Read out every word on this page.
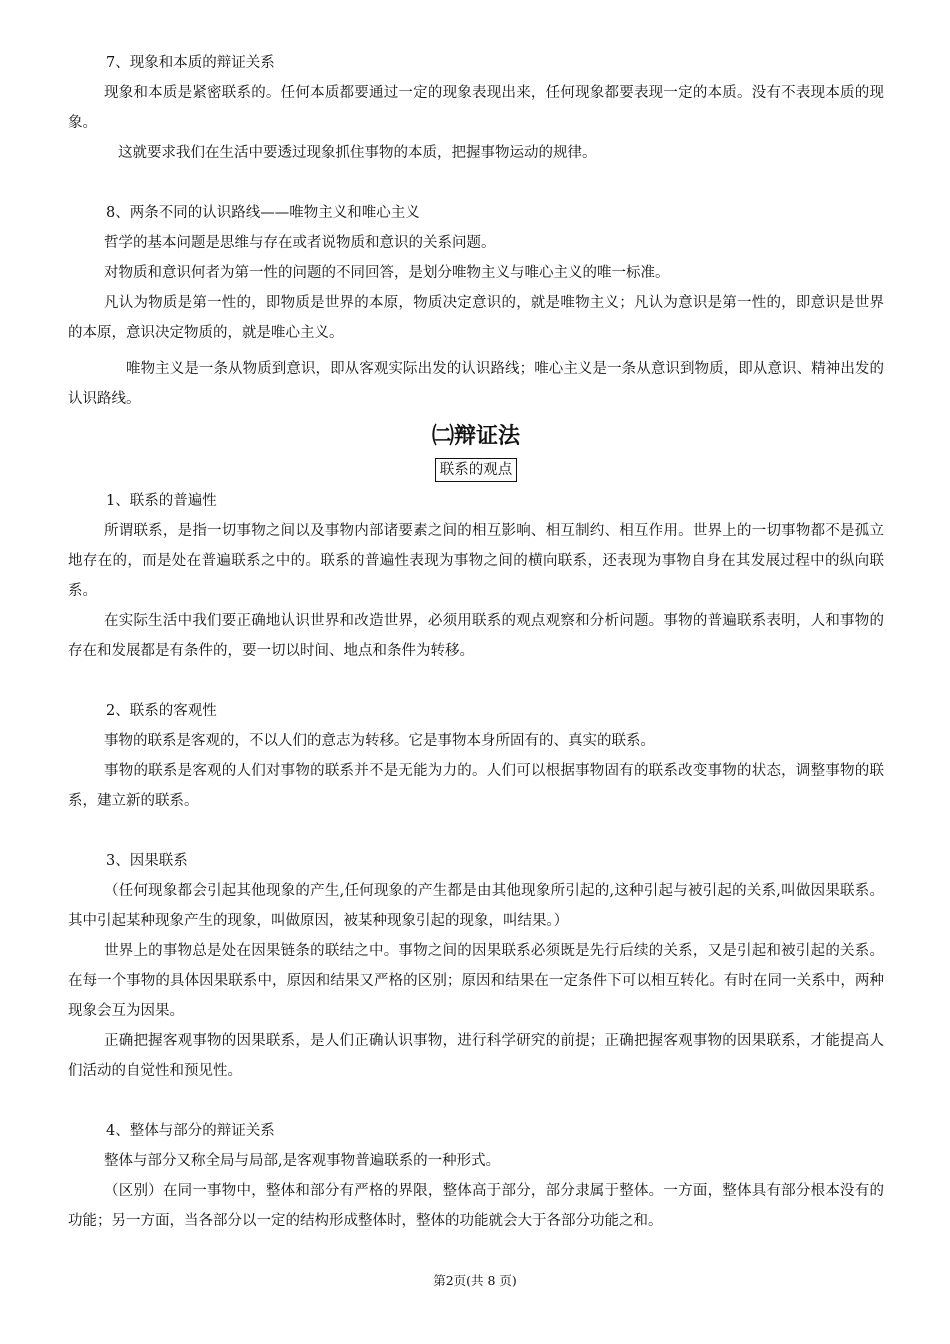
7、现象和本质的辩证关系

现象和本质是紧密联系的。任何本质都要通过一定的现象表现出来，任何现象都要表现一定的本质。没有不表现本质的现象。

这就要求我们在生活中要透过现象抓住事物的本质，把握事物运动的规律。

8、两条不同的认识路线——唯物主义和唯心主义

哲学的基本问题是思维与存在或者说物质和意识的关系问题。

对物质和意识何者为第一性的问题的不同回答，是划分唯物主义与唯心主义的唯一标准。

凡认为物质是第一性的，即物质是世界的本原，物质决定意识的，就是唯物主义；凡认为意识是第一性的，即意识是世界的本原，意识决定物质的，就是唯心主义。

唯物主义是一条从物质到意识，即从客观实际出发的认识路线；唯心主义是一条从意识到物质，即从意识、精神出发的认识路线。

㈡辩证法
联系的观点

1、联系的普遍性

所谓联系，是指一切事物之间以及事物内部诸要素之间的相互影响、相互制约、相互作用。世界上的一切事物都不是孤立地存在的，而是处在普遍联系之中的。联系的普遍性表现为事物之间的横向联系，还表现为事物自身在其发展过程中的纵向联系。

在实际生活中我们要正确地认识世界和改造世界，必须用联系的观点观察和分析问题。事物的普遍联系表明，人和事物的存在和发展都是有条件的，要一切以时间、地点和条件为转移。

2、联系的客观性

事物的联系是客观的，不以人们的意志为转移。它是事物本身所固有的、真实的联系。

事物的联系是客观的人们对事物的联系并不是无能为力的。人们可以根据事物固有的联系改变事物的状态，调整事物的联系，建立新的联系。

3、因果联系

（任何现象都会引起其他现象的产生,任何现象的产生都是由其他现象所引起的,这种引起与被引起的关系,叫做因果联系。其中引起某种现象产生的现象，叫做原因，被某种现象引起的现象，叫结果。）

世界上的事物总是处在因果链条的联结之中。事物之间的因果联系必须既是先行后续的关系，又是引起和被引起的关系。在每一个事物的具体因果联系中，原因和结果又严格的区别；原因和结果在一定条件下可以相互转化。有时在同一关系中，两种现象会互为因果。

正确把握客观事物的因果联系，是人们正确认识事物，进行科学研究的前提；正确把握客观事物的因果联系，才能提高人们活动的自觉性和预见性。

4、整体与部分的辩证关系

整体与部分又称全局与局部,是客观事物普遍联系的一种形式。

（区别）在同一事物中，整体和部分有严格的界限，整体高于部分，部分隶属于整体。一方面，整体具有部分根本没有的功能；另一方面，当各部分以一定的结构形成整体时，整体的功能就会大于各部分功能之和。

第2页(共 8 页)
